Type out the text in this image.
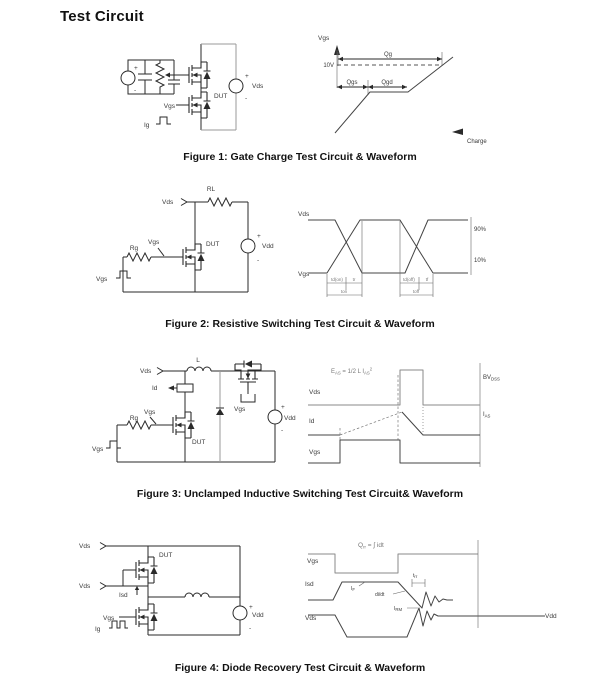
Test Circuit
+
-
Vgs
Ig
DUT
+
Vds
-
Vgs
Qg
10V
Qgs	Qgd
Charge
Figure 1: Gate Charge Test Circuit & Waveform
Vds
RL
Vgs
Rg
DUT
Vgs
+
Vdd
-
Vds
Vgs
90%
10%
td(on) tr
ton
td(off) tf
toff
Figure 2: Resistive Switching Test Circuit & Waveform
Vds
L
Id
Vgs
Rg
Vgs
DUT
Vgs
+
Vdd
-
$E_{AS} = 1/2$ L $I_{AS}^2$
$BV_{DSS}$
$I_{AS}$
Vds
Id
Vgs
Figure 3: Unclamped Inductive Switching Test Circuit& Waveform
Vds
DUT
Vds
Isd
Vgs
Ig
+
Vdd
-
$Q_{rr}$ = ∫ idt
Vgs
Isd
Vds
IF
di/dt
trr
IRM
Vdd
Figure 4: Diode Recovery Test Circuit & Waveform
